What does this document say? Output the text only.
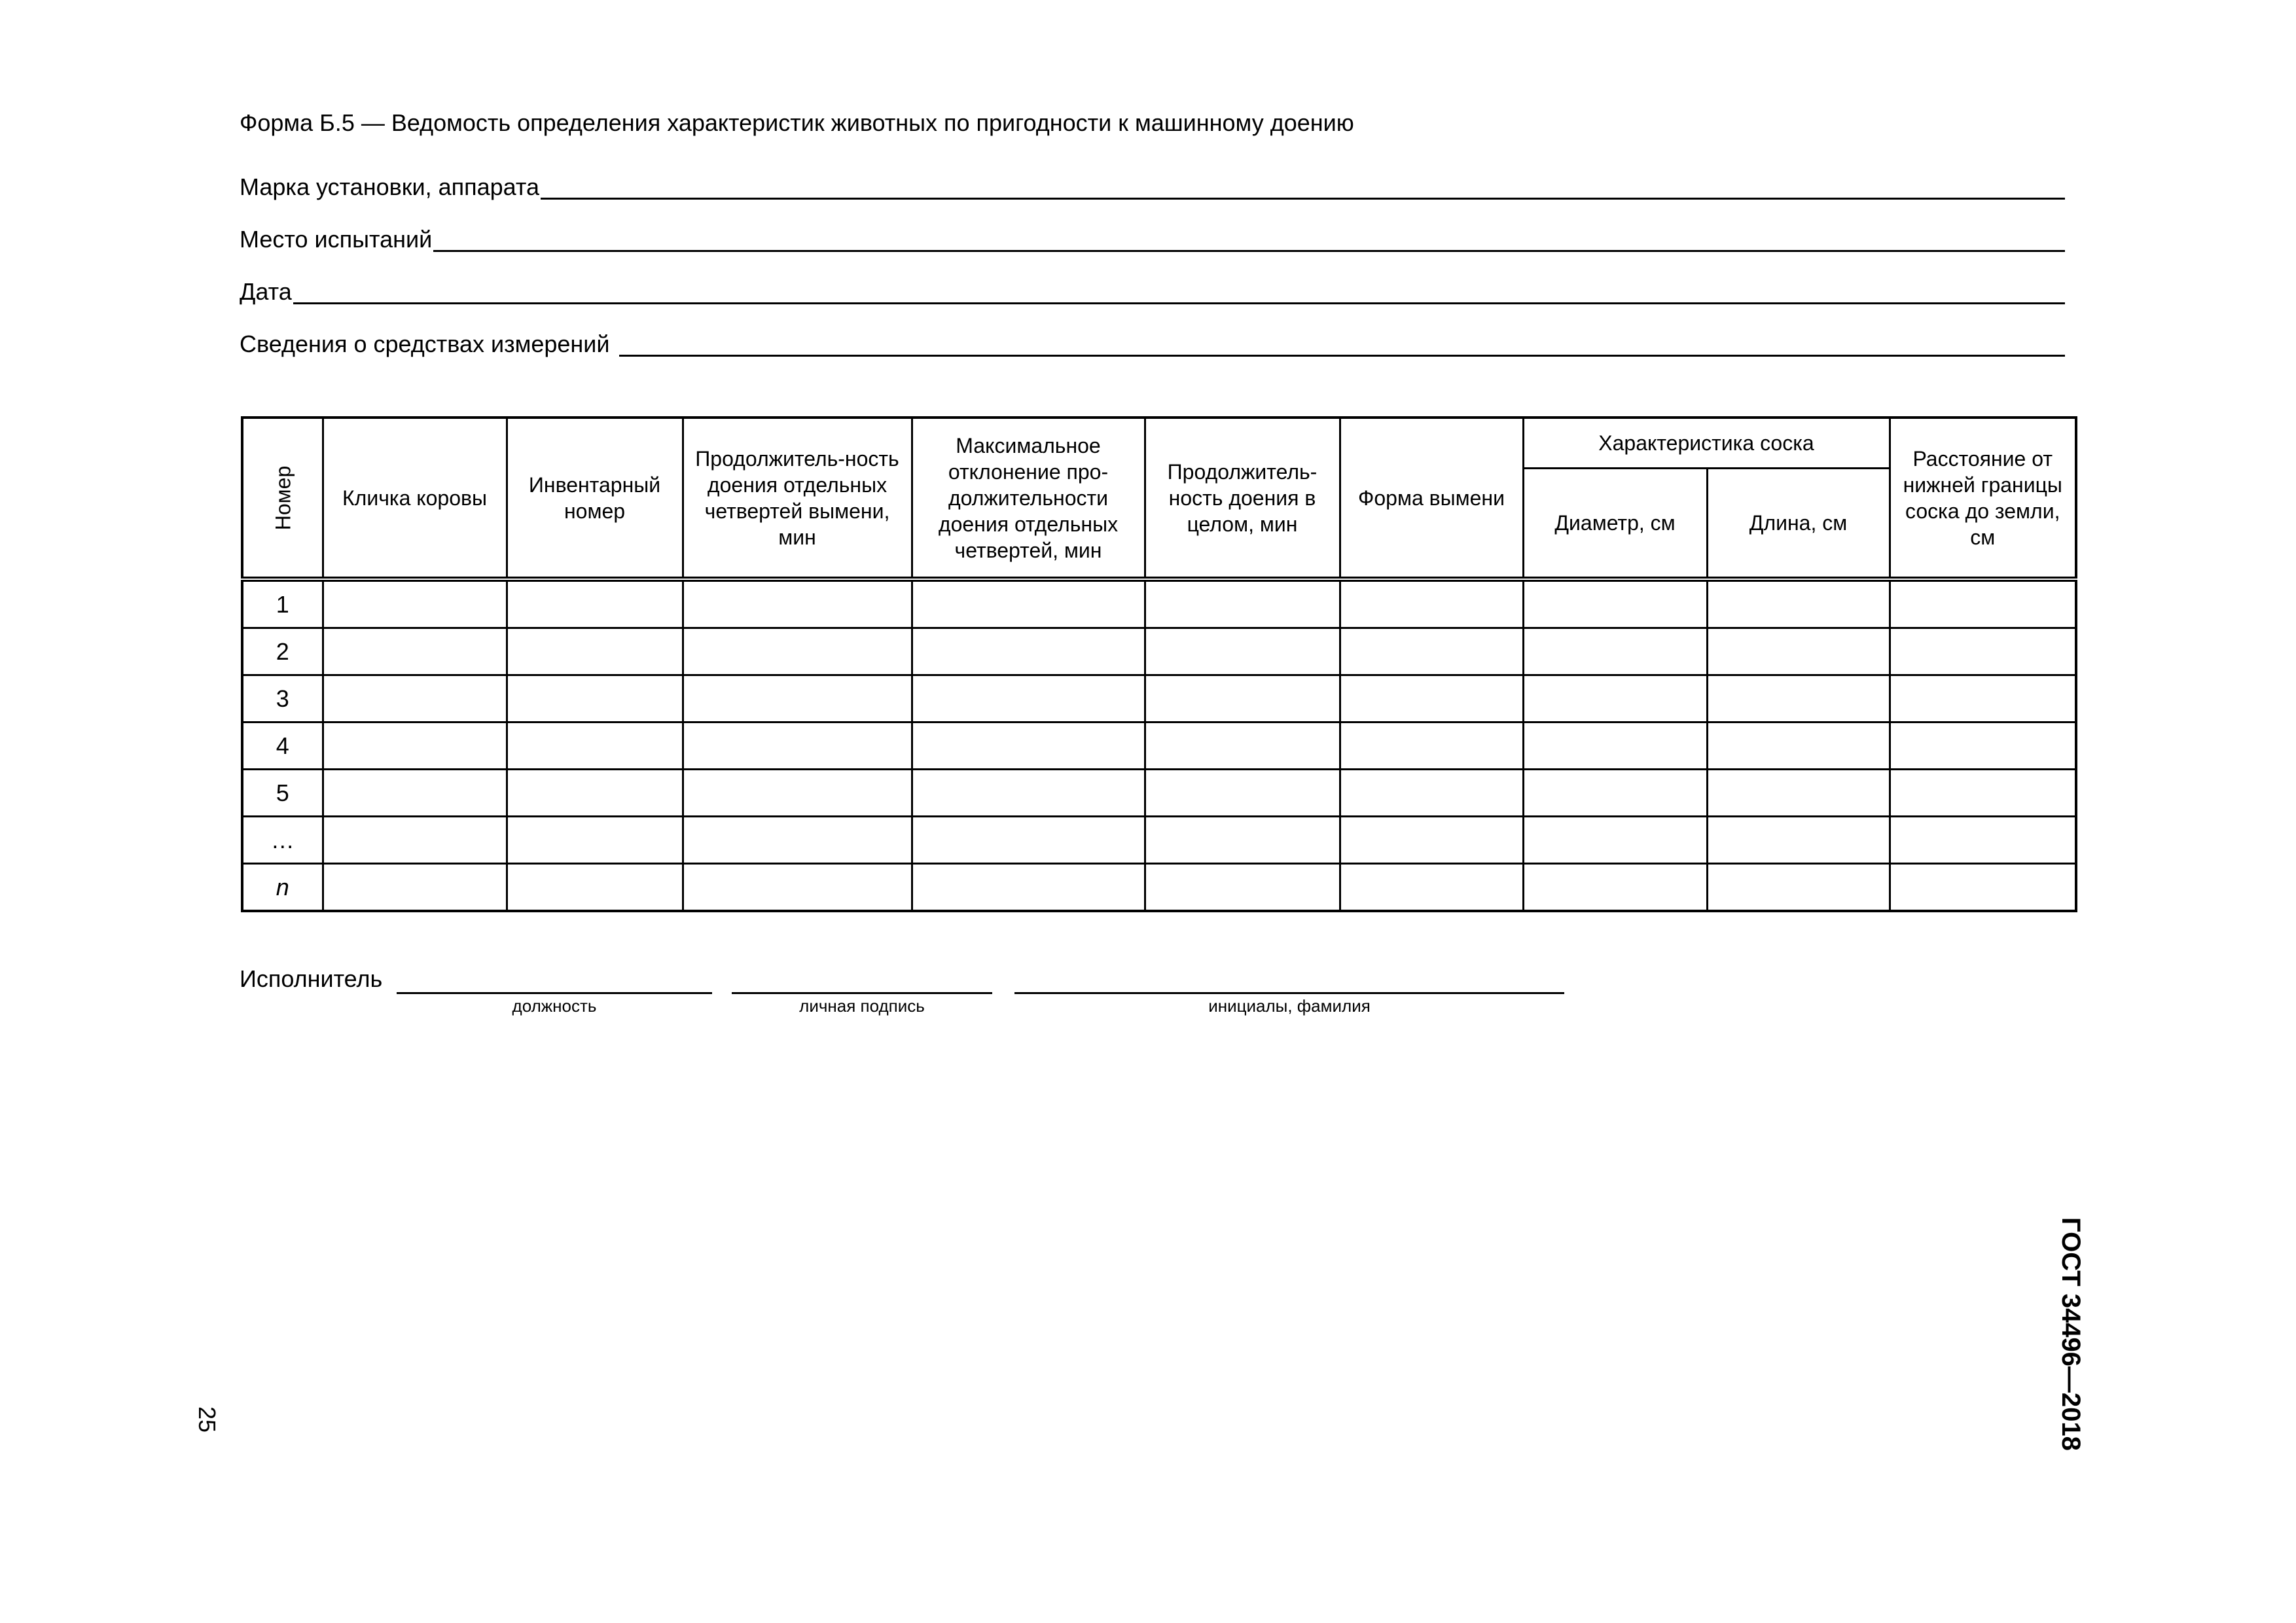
Форма Б.5 — Ведомость определения характеристик животных по пригодности к машинному доению
Марка установки, аппарата
Место испытаний
Дата
Сведения о средствах измерений
Номер	Кличка коровы	Инвентарный номер	Продолжитель-ность доения отдельных четвертей вымени, мин	Максимальное отклонение про-должительности доения отдельных четвертей, мин	Продолжитель-ность доения в целом, мин	Форма вымени	Характеристика соска		Расстояние от нижней границы соска до земли, см
							Диаметр, см	Длина, см	
1									
2									
3									
4									
5									
…									
n									
Исполнитель
должность	личная подпись	инициалы, фамилия
25	ГОСТ 34496—2018
